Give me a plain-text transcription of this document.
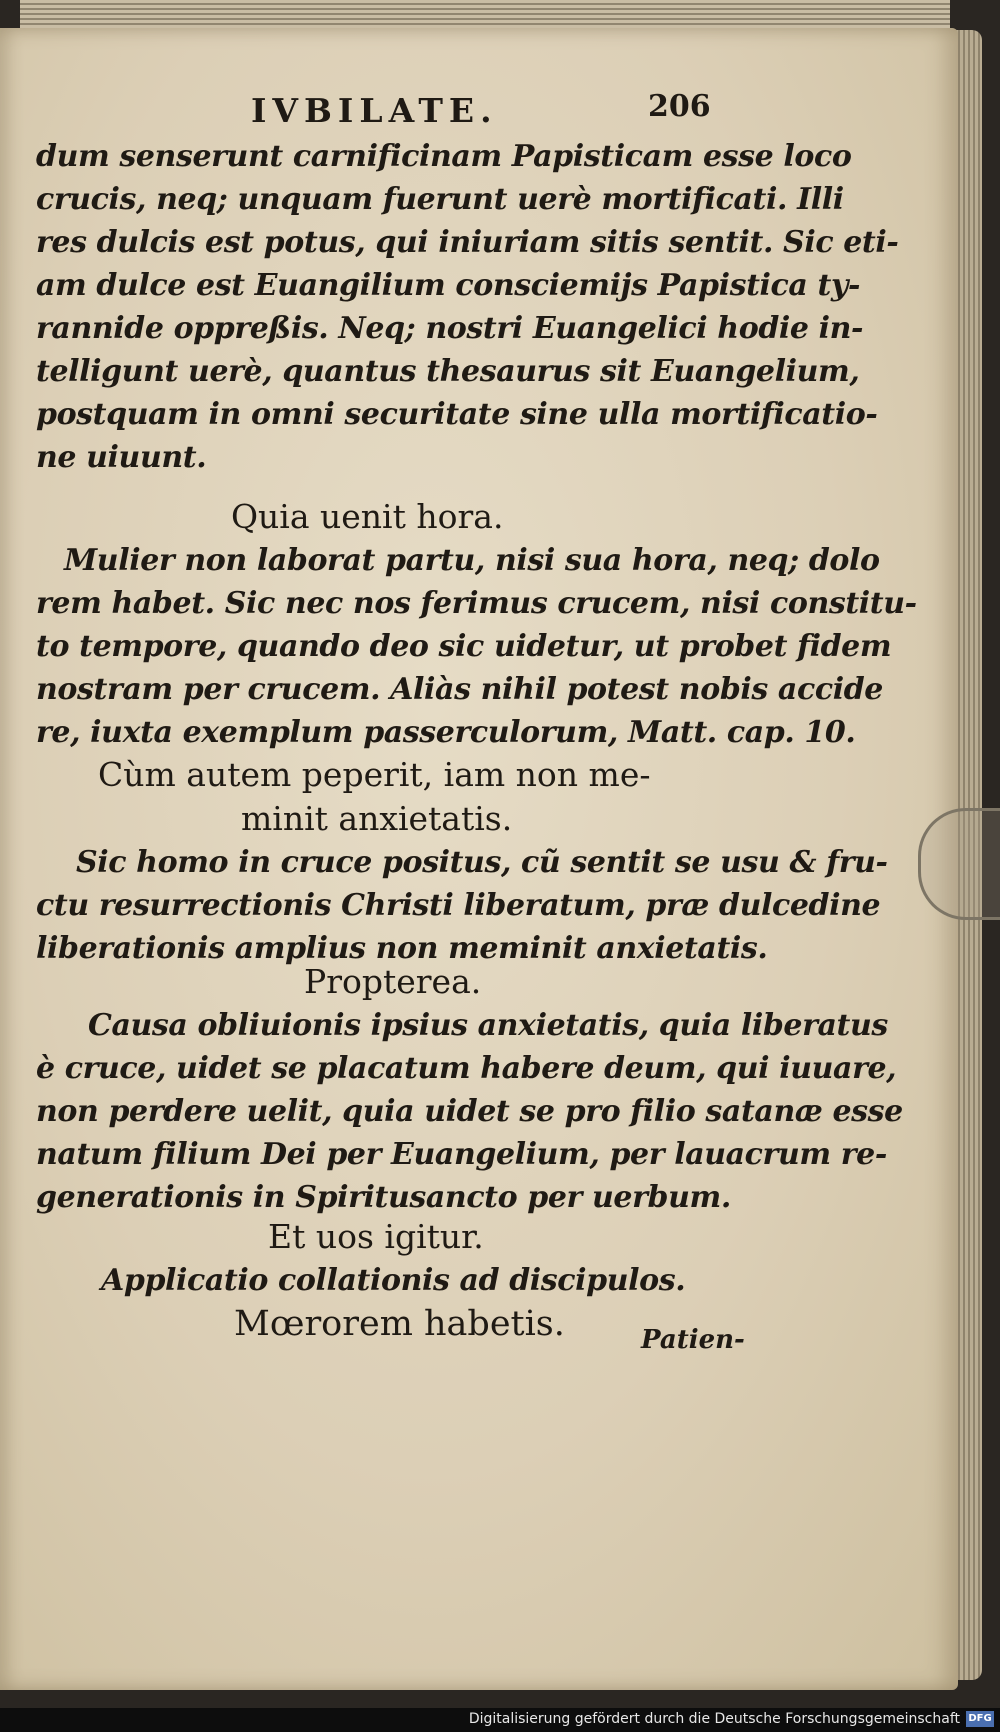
IVBILATE.	206
dum senserunt carnificinam Papisticam esse loco
crucis, neq; unquam fuerunt uerè mortificati. Illi
res dulcis est potus, qui iniuriam sitis sentit. Sic eti-
am dulce est Euangilium consciemijs Papistica ty-
rannide oppreßis. Neq; nostri Euangelici hodie in-
telligunt uerè, quantus thesaurus sit Euangelium,
postquam in omni securitate sine ulla mortificatio-
ne uiuunt.
Quia uenit hora.
Mulier non laborat partu, nisi sua hora, neq; dolo
rem habet. Sic nec nos ferimus crucem, nisi constitu-
to tempore, quando deo sic uidetur, ut probet fidem
nostram per crucem. Aliàs nihil potest nobis accide
re, iuxta exemplum passerculorum, Matt. cap. 10.
Cùm autem peperit, iam non me-
minit anxietatis.
Sic homo in cruce positus, cũ sentit se usu & fru-
ctu resurrectionis Christi liberatum, præ dulcedine
liberationis amplius non meminit anxietatis.
Propterea.
Causa obliuionis ipsius anxietatis, quia liberatus
è cruce, uidet se placatum habere deum, qui iuuare,
non perdere uelit, quia uidet se pro filio satanæ esse
natum filium Dei per Euangelium, per lauacrum re-
generationis in Spiritusancto per uerbum.
Et uos igitur.
Applicatio collationis ad discipulos.
Mœrorem habetis.	Patien-
Digitalisierung gefördert durch die Deutsche Forschungsgemeinschaft DFG
